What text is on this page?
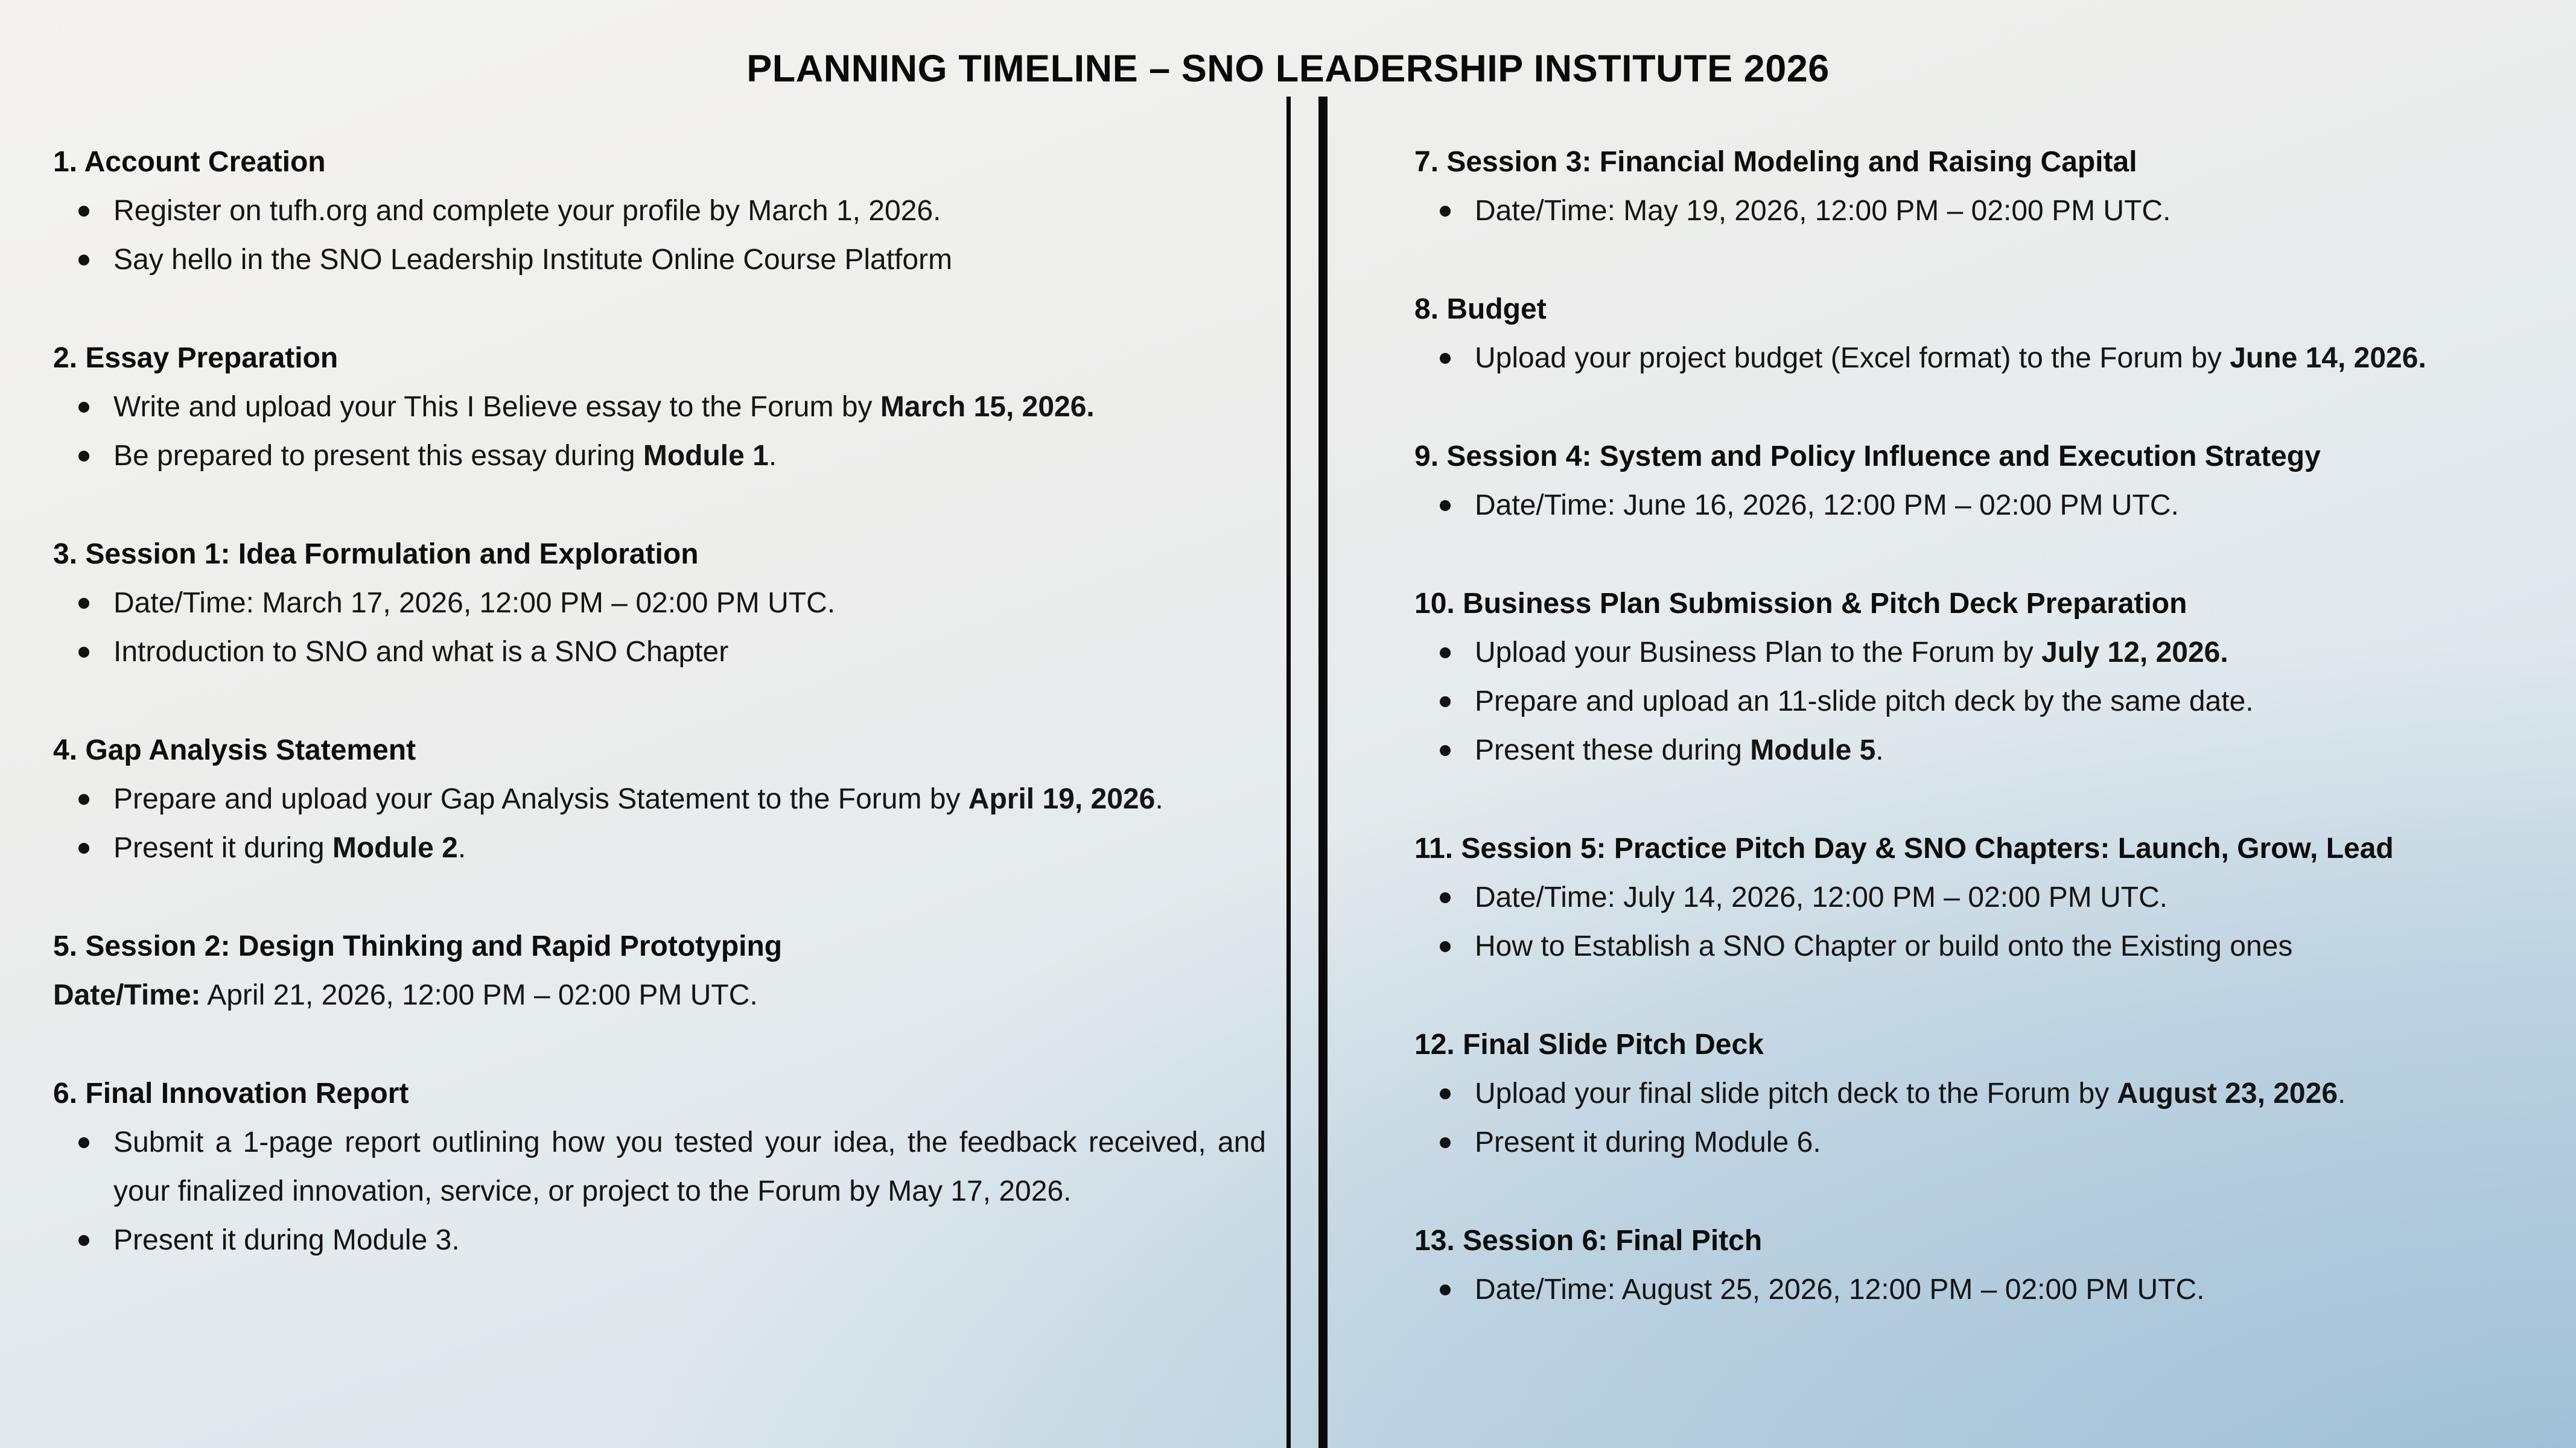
PLANNING TIMELINE – SNO LEADERSHIP INSTITUTE 2026
1. Account Creation
Register on tufh.org and complete your profile by March 1, 2026.
Say hello in the SNO Leadership Institute Online Course Platform
2. Essay Preparation
Write and upload your This I Believe essay to the Forum by March 15, 2026.
Be prepared to present this essay during Module 1.
3. Session 1: Idea Formulation and Exploration
Date/Time: March 17, 2026, 12:00 PM – 02:00 PM UTC.
Introduction to SNO and what is a SNO Chapter
4. Gap Analysis Statement
Prepare and upload your Gap Analysis Statement to the Forum by April 19, 2026.
Present it during Module 2.
5. Session 2: Design Thinking and Rapid Prototyping
Date/Time: April 21, 2026, 12:00 PM – 02:00 PM UTC.
6. Final Innovation Report
Submit a 1-page report outlining how you tested your idea, the feedback received, and your finalized innovation, service, or project to the Forum by May 17, 2026.
Present it during Module 3.
7. Session 3: Financial Modeling and Raising Capital
Date/Time: May 19, 2026, 12:00 PM – 02:00 PM UTC.
8. Budget
Upload your project budget (Excel format) to the Forum by June 14, 2026.
9. Session 4: System and Policy Influence and Execution Strategy
Date/Time: June 16, 2026, 12:00 PM – 02:00 PM UTC.
10. Business Plan Submission & Pitch Deck Preparation
Upload your Business Plan to the Forum by July 12, 2026.
Prepare and upload an 11-slide pitch deck by the same date.
Present these during Module 5.
11. Session 5: Practice Pitch Day & SNO Chapters: Launch, Grow, Lead
Date/Time: July 14, 2026, 12:00 PM – 02:00 PM UTC.
How to Establish a SNO Chapter or build onto the Existing ones
12. Final Slide Pitch Deck
Upload your final slide pitch deck to the Forum by August 23, 2026.
Present it during Module 6.
13. Session 6: Final Pitch
Date/Time: August 25, 2026, 12:00 PM – 02:00 PM UTC.
